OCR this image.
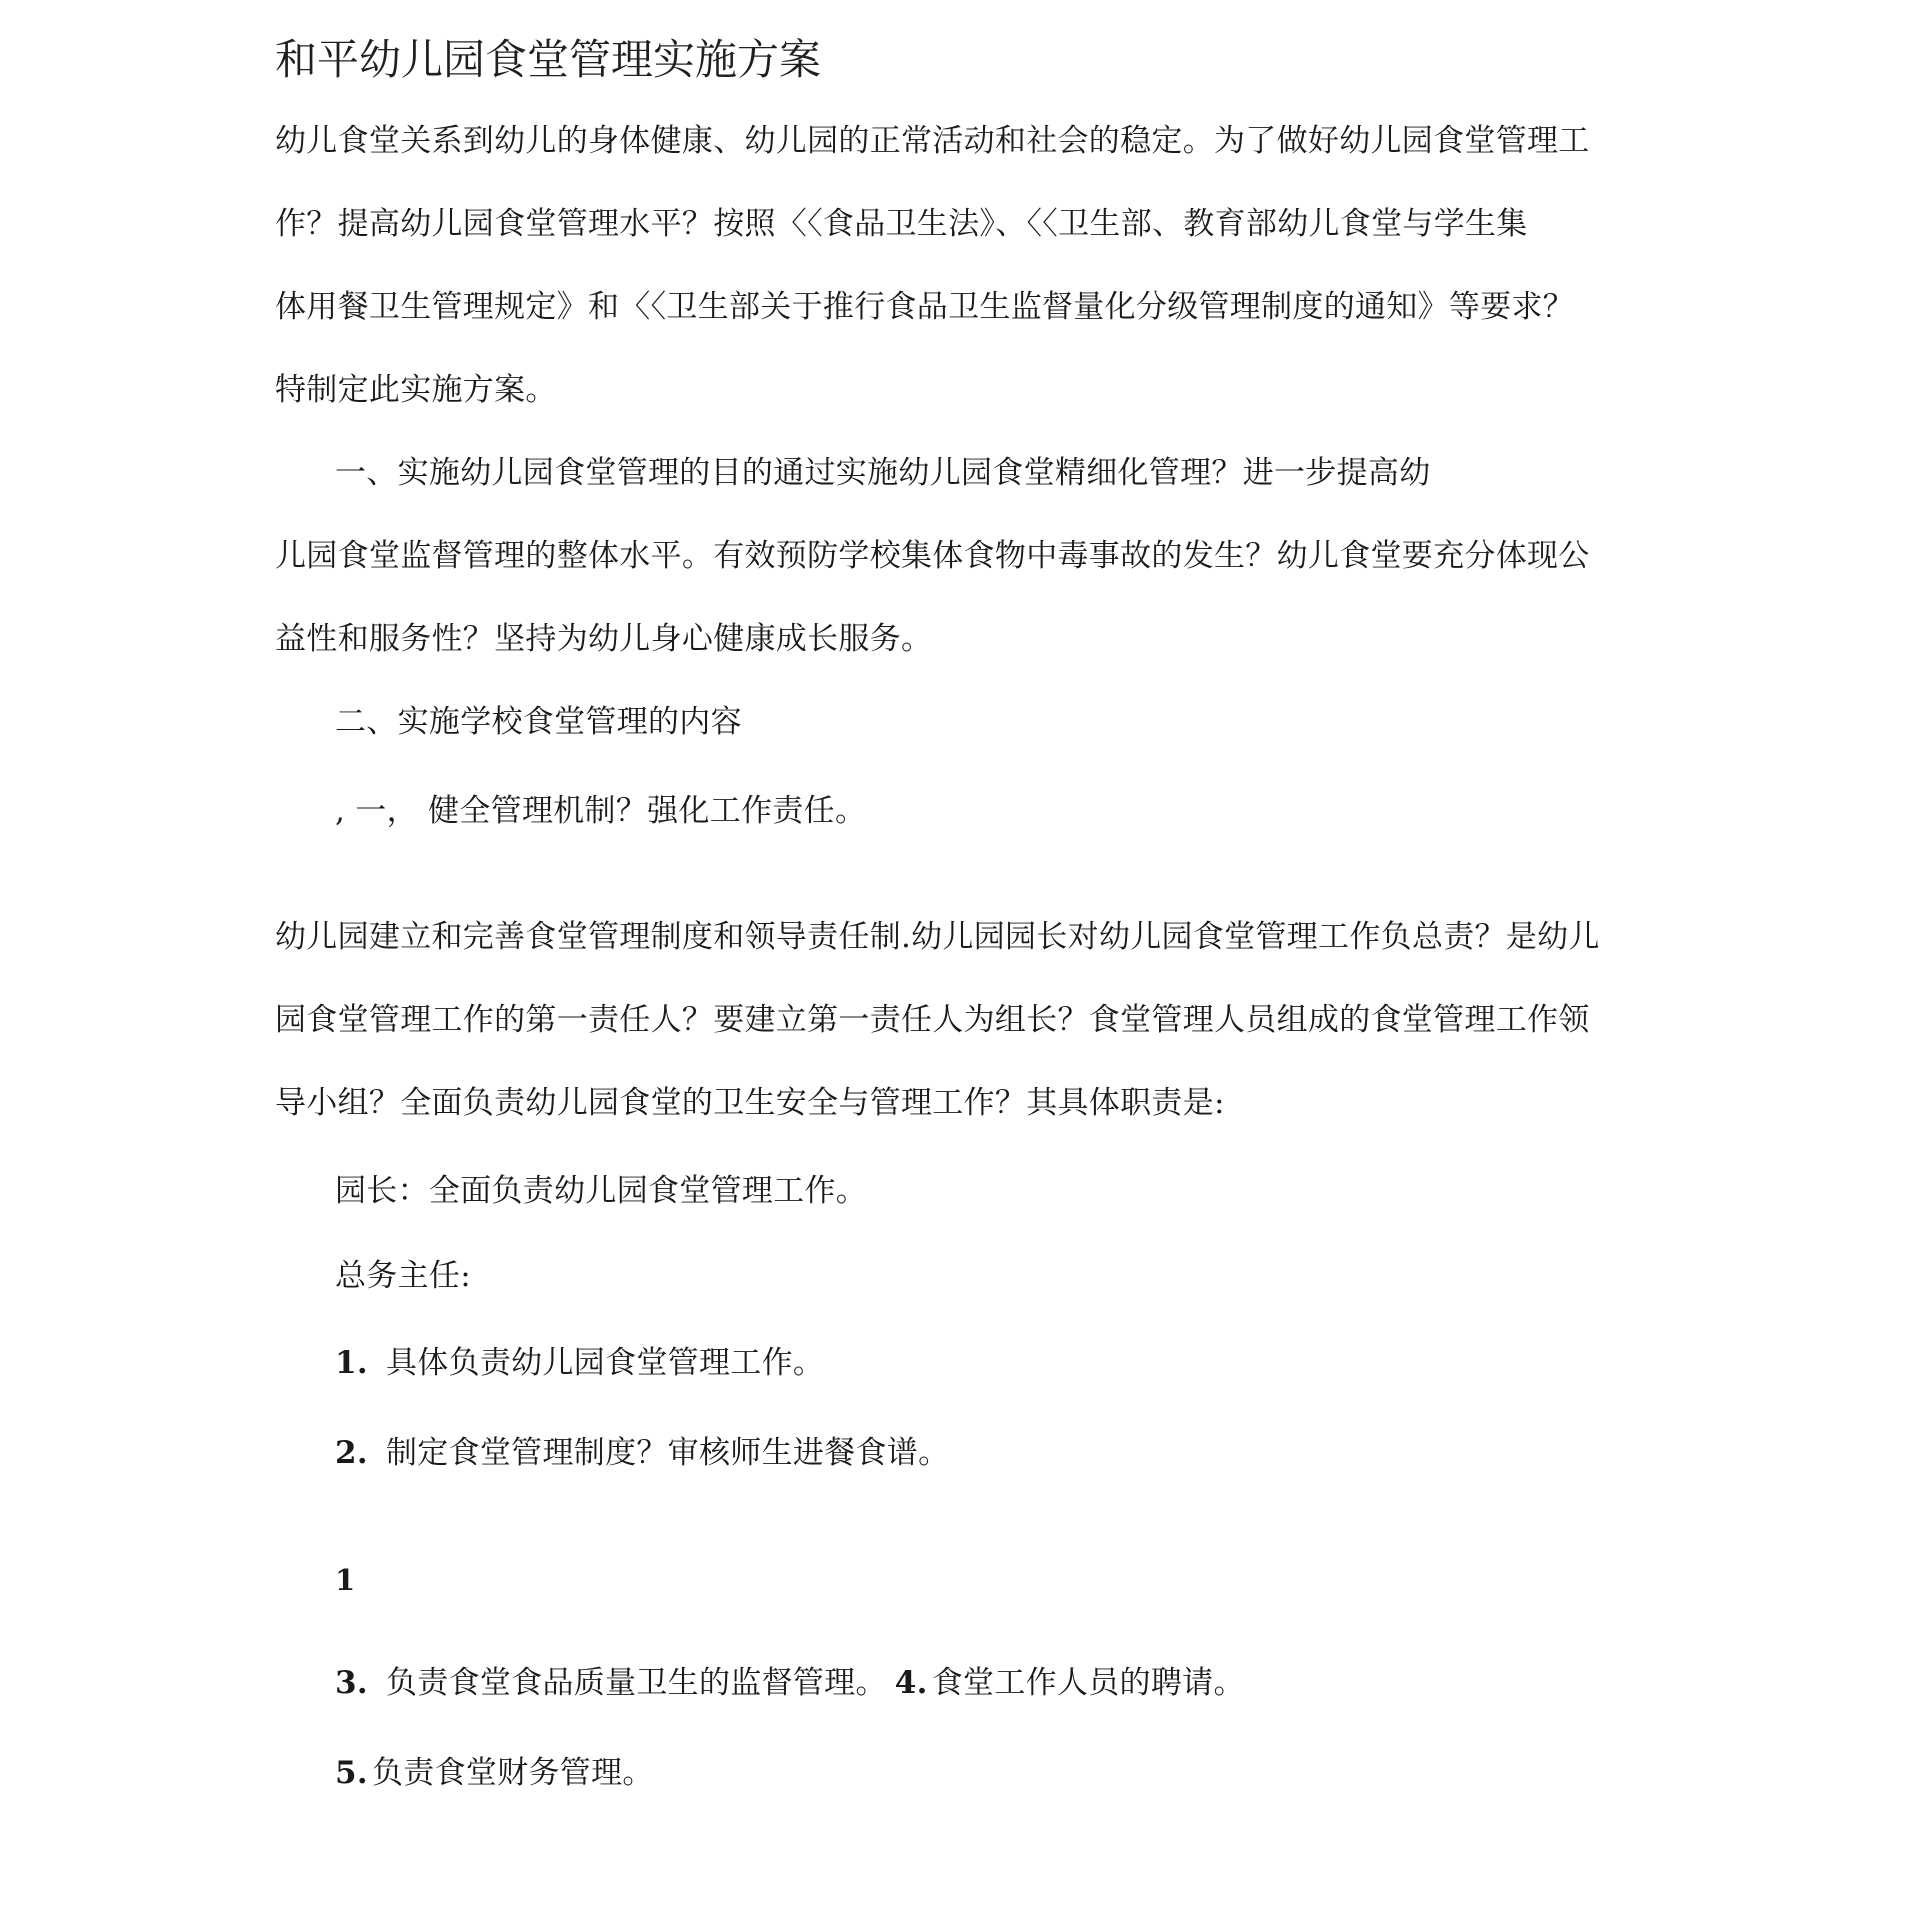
和平幼儿园食堂管理实施方案
幼儿食堂关系到幼儿的身体健康、幼儿园的正常活动和社会的稳定。为了做好幼儿园食堂管理工
作？提高幼儿园食堂管理水平？按照〈〈食品卫生法》、〈〈卫生部、教育部幼儿食堂与学生集
体用餐卫生管理规定》和〈〈卫生部关于推行食品卫生监督量化分级管理制度的通知》等要求？
特制定此实施方案。
一、实施幼儿园食堂管理的目的通过实施幼儿园食堂精细化管理？进一步提高幼
儿园食堂监督管理的整体水平。有效预防学校集体食物中毒事故的发生？幼儿食堂要充分体现公
益性和服务性？坚持为幼儿身心健康成长服务。
二、实施学校食堂管理的内容
, 一， 健全管理机制？强化工作责任。
幼儿园建立和完善食堂管理制度和领导责任制.幼儿园园长对幼儿园食堂管理工作负总责？是幼儿
园食堂管理工作的第一责任人？要建立第一责任人为组长？食堂管理人员组成的食堂管理工作领
导小组？全面负责幼儿园食堂的卫生安全与管理工作？其具体职责是:
园长：全面负责幼儿园食堂管理工作。
总务主任:
1. 具体负责幼儿园食堂管理工作。
2. 制定食堂管理制度？审核师生进餐食谱。
1
3. 负责食堂食品质量卫生的监督管理。 4. 食堂工作人员的聘请。
5. 负责食堂财务管理。
